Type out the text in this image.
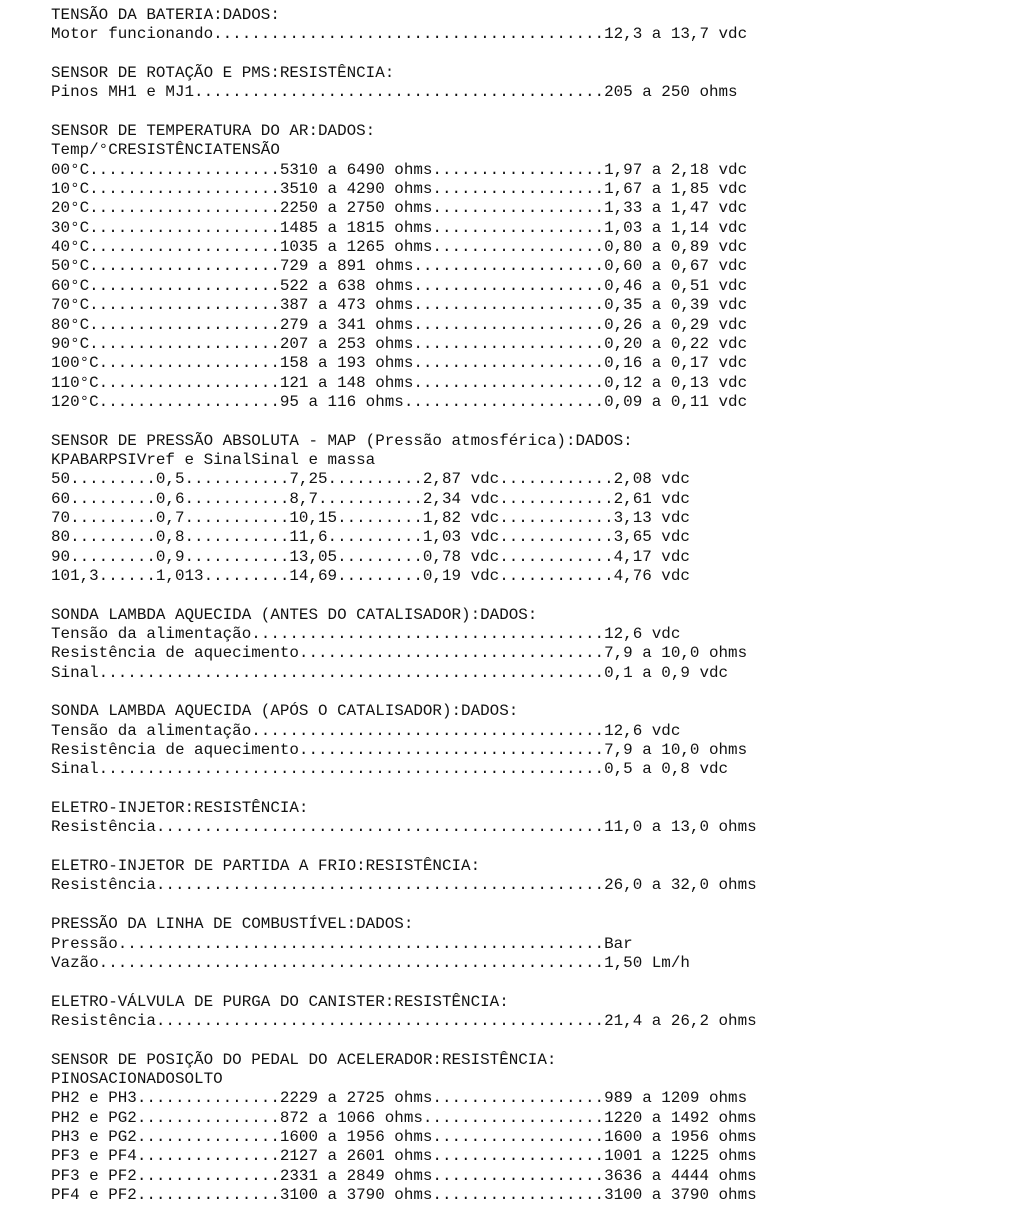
TENSÃO DA BATERIA:DADOS:
Motor funcionando.........................................12,3 a 13,7 vdc
SENSOR DE ROTAÇÃO E PMS:RESISTÊNCIA:
Pinos MH1 e MJ1...........................................205 a 250 ohms
SENSOR DE TEMPERATURA DO AR:DADOS:
Temp/°CRESISTÊNCIATENSÃO
00°C....................5310 a 6490 ohms..................1,97 a 2,18 vdc
10°C....................3510 a 4290 ohms..................1,67 a 1,85 vdc
20°C....................2250 a 2750 ohms..................1,33 a 1,47 vdc
30°C....................1485 a 1815 ohms..................1,03 a 1,14 vdc
40°C....................1035 a 1265 ohms..................0,80 a 0,89 vdc
50°C....................729 a 891 ohms....................0,60 a 0,67 vdc
60°C....................522 a 638 ohms....................0,46 a 0,51 vdc
70°C....................387 a 473 ohms....................0,35 a 0,39 vdc
80°C....................279 a 341 ohms....................0,26 a 0,29 vdc
90°C....................207 a 253 ohms....................0,20 a 0,22 vdc
100°C...................158 a 193 ohms....................0,16 a 0,17 vdc
110°C...................121 a 148 ohms....................0,12 a 0,13 vdc
120°C...................95 a 116 ohms.....................0,09 a 0,11 vdc
SENSOR DE PRESSÃO ABSOLUTA - MAP (Pressão atmosférica):DADOS:
KPABARPSIVref e SinalSinal e massa
50.........0,5...........7,25..........2,87 vdc............2,08 vdc
60.........0,6...........8,7...........2,34 vdc............2,61 vdc
70.........0,7...........10,15.........1,82 vdc............3,13 vdc
80.........0,8...........11,6..........1,03 vdc............3,65 vdc
90.........0,9...........13,05.........0,78 vdc............4,17 vdc
101,3......1,013.........14,69.........0,19 vdc............4,76 vdc
SONDA LAMBDA AQUECIDA (ANTES DO CATALISADOR):DADOS:
Tensão da alimentação.....................................12,6 vdc
Resistência de aquecimento................................7,9 a 10,0 ohms
Sinal.....................................................0,1 a 0,9 vdc
SONDA LAMBDA AQUECIDA (APÓS O CATALISADOR):DADOS:
Tensão da alimentação.....................................12,6 vdc
Resistência de aquecimento................................7,9 a 10,0 ohms
Sinal.....................................................0,5 a 0,8 vdc
ELETRO-INJETOR:RESISTÊNCIA:
Resistência...............................................11,0 a 13,0 ohms
ELETRO-INJETOR DE PARTIDA A FRIO:RESISTÊNCIA:
Resistência...............................................26,0 a 32,0 ohms
PRESSÃO DA LINHA DE COMBUSTÍVEL:DADOS:
Pressão...................................................Bar
Vazão.....................................................1,50 Lm/h
ELETRO-VÁLVULA DE PURGA DO CANISTER:RESISTÊNCIA:
Resistência...............................................21,4 a 26,2 ohms
SENSOR DE POSIÇÃO DO PEDAL DO ACELERADOR:RESISTÊNCIA:
PINOSACIONADOSOLTO
PH2 e PH3...............2229 a 2725 ohms..................989 a 1209 ohms
PH2 e PG2...............872 a 1066 ohms...................1220 a 1492 ohms
PH3 e PG2...............1600 a 1956 ohms..................1600 a 1956 ohms
PF3 e PF4...............2127 a 2601 ohms..................1001 a 1225 ohms
PF3 e PF2...............2331 a 2849 ohms..................3636 a 4444 ohms
PF4 e PF2...............3100 a 3790 ohms..................3100 a 3790 ohms
